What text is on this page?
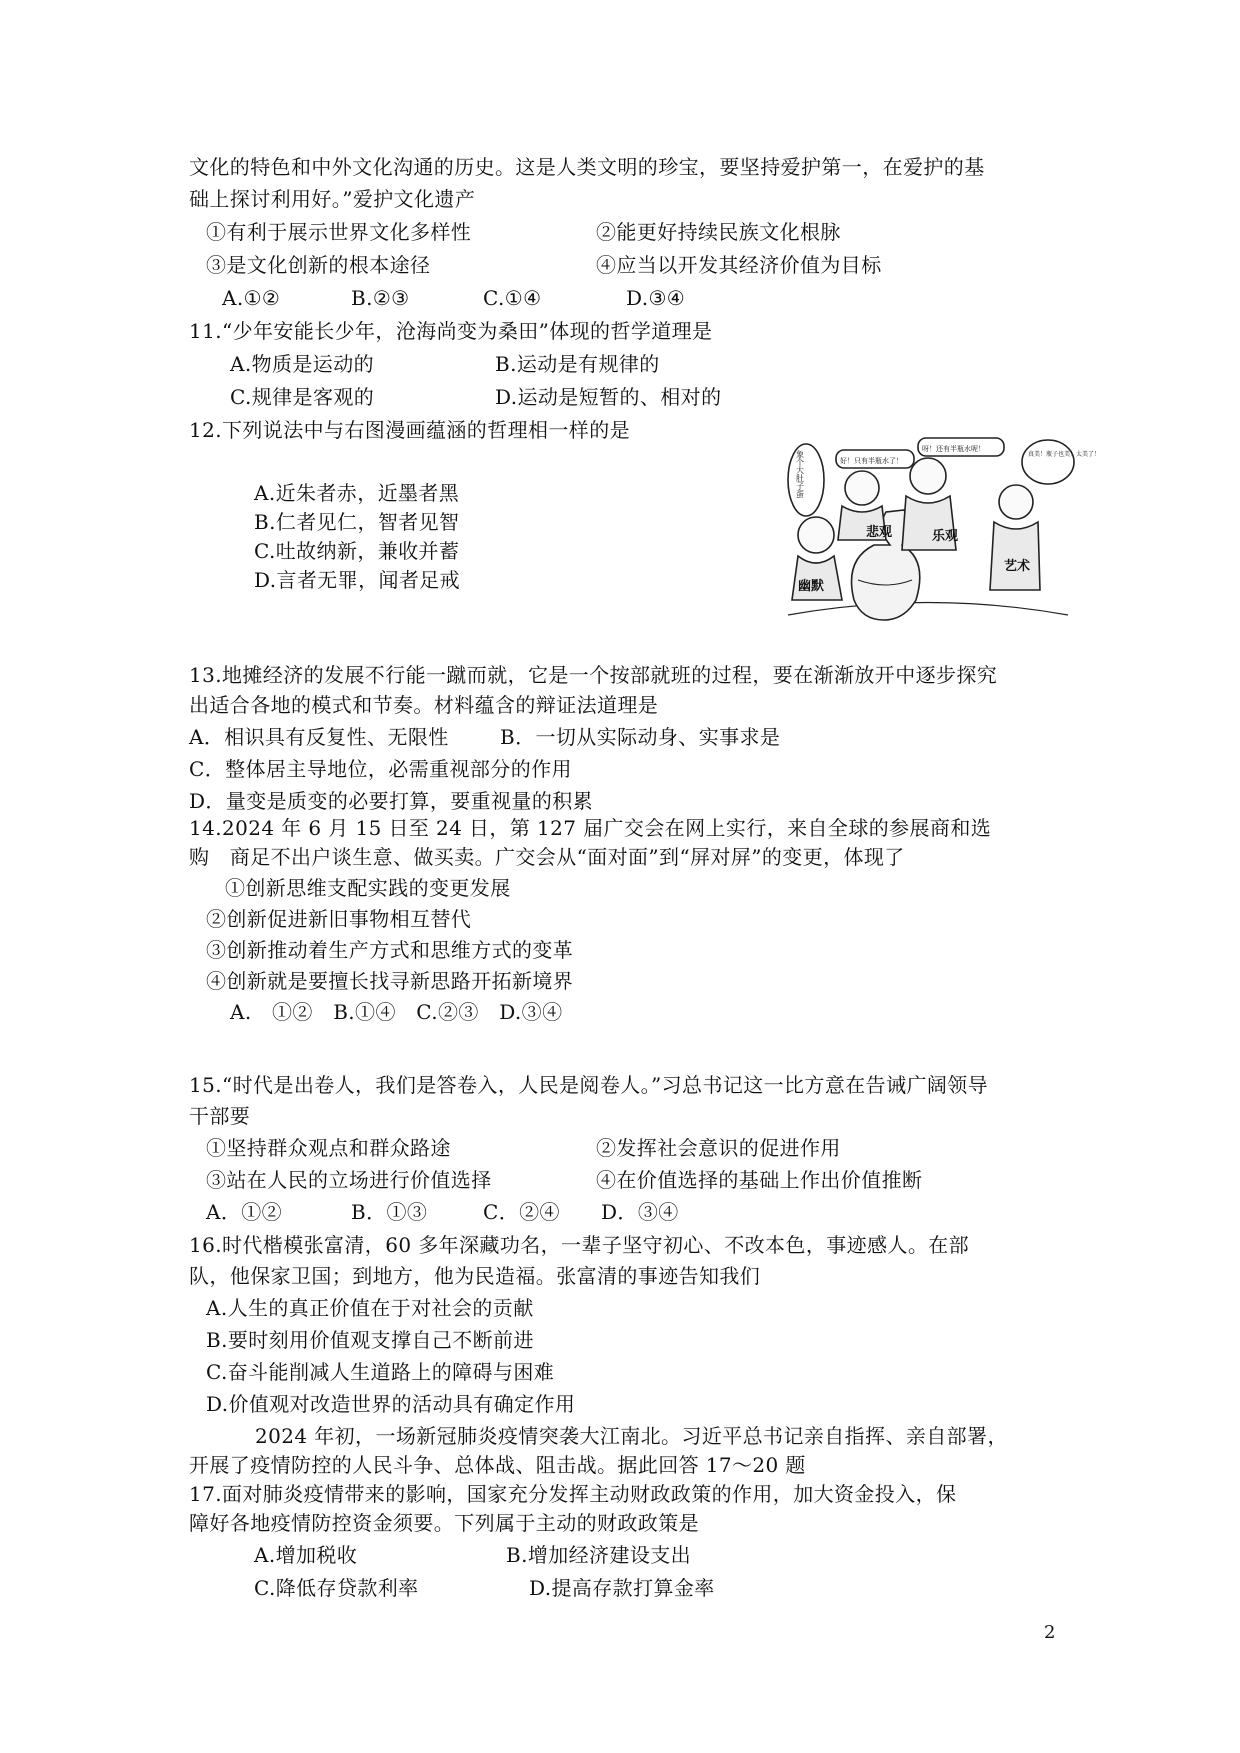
文化的特色和中外文化沟通的历史。这是人类文明的珍宝，要坚持爱护第一，在爱护的基
础上探讨利用好。”爱护文化遗产
①有利于展示世界文化多样性	②能更好持续民族文化根脉
③是文化创新的根本途径	④应当以开发其经济价值为目标
A.①②	B.②③	C.①④	D.③④
11.“少年安能长少年，沧海尚变为桑田”体现的哲学道理是
A.物质是运动的	B.运动是有规律的
C.规律是客观的	D.运动是短暂的、相对的
12.下列说法中与右图漫画蕴涵的哲理相一样的是
A.近朱者赤，近墨者黑
B.仁者见仁，智者见智
C.吐故纳新，兼收并蓄
D.言者无罪，闻者足戒
象个大肚子蛋	好！只有半瓶水了！
呀！还有半瓶水呢！
真美！瓶子也美！太美了！
悲观	乐观
幽默
艺术
13.地摊经济的发展不行能一蹴而就，它是一个按部就班的过程，要在渐渐放开中逐步探究
出适合各地的模式和节奏。材料蕴含的辩证法道理是
A．相识具有反复性、无限性	B．一切从实际动身、实事求是
C．整体居主导地位，必需重视部分的作用
D．量变是质变的必要打算，要重视量的积累
14.2024 年 6 月 15 日至 24 日，第 127 届广交会在网上实行，来自全球的参展商和选
购　商足不出户谈生意、做买卖。广交会从“面对面”到“屏对屏”的变更，体现了
①创新思维支配实践的变更发展
②创新促进新旧事物相互替代
③创新推动着生产方式和思维方式的变革
④创新就是要擅长找寻新思路开拓新境界
A.　①②　B.①④　C.②③　D.③④
15.“时代是出卷人，我们是答卷入，人民是阅卷人。”习总书记这一比方意在告诫广阔领导
干部要
①坚持群众观点和群众路途	②发挥社会意识的促进作用
③站在人民的立场进行价值选择	④在价值选择的基础上作出价值推断
A．①②	B．①③	C．②④ D．③④
16.时代楷模张富清，60 多年深藏功名，一辈子坚守初心、不改本色，事迹感人。在部
队，他保家卫国；到地方，他为民造福。张富清的事迹告知我们
A.人生的真正价值在于对社会的贡献
B.要时刻用价值观支撑自己不断前进
C.奋斗能削减人生道路上的障碍与困难
D.价值观对改造世界的活动具有确定作用
2024 年初，一场新冠肺炎疫情突袭大江南北。习近平总书记亲自指挥、亲自部署，
开展了疫情防控的人民斗争、总体战、阻击战。据此回答 17～20 题
17.面对肺炎疫情带来的影响，国家充分发挥主动财政政策的作用，加大资金投入，保
障好各地疫情防控资金须要。下列属于主动的财政政策是
A.增加税收	B.增加经济建设支出
C.降低存贷款利率	D.提高存款打算金率
2
